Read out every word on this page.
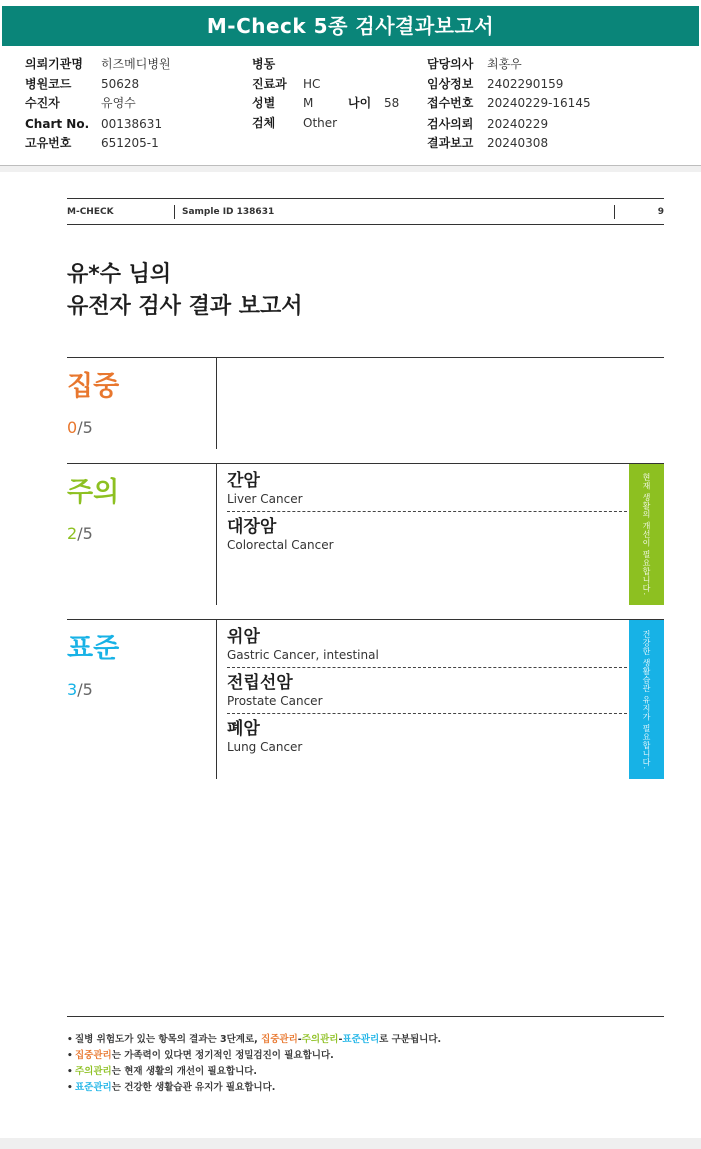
M-Check 5종 검사결과보고서
의뢰기관명 히즈메디병원
병원코드 50628
수진자	유영수
Chart No. 00138631
고유번호 651205-1
병동
진료과 HC
성별 M	나이 58
검체 Other
담당의사 최홍우
임상정보 2402290159
접수번호 20240229-16145
검사의뢰 20240229
결과보고 20240308
M-CHECK	Sample ID 138631	9
유*수 님의
유전자 검사 결과 보고서
집중
0/5
주의
2/5
간암
Liver Cancer
대장암
Colorectal Cancer	현재 생활의 개선이 필요합니다.
표준
3/5
위암
Gastric Cancer, intestinal
전립선암
Prostate Cancer
폐암
Lung Cancer	건강한 생활습관 유지가 필요합니다.
• 질병 위험도가 있는 항목의 결과는 3단계로, 집중관리-주의관리-표준관리로 구분됩니다.
• 집중관리는 가족력이 있다면 정기적인 정밀검진이 필요합니다.
• 주의관리는 현재 생활의 개선이 필요합니다.
• 표준관리는 건강한 생활습관 유지가 필요합니다.
